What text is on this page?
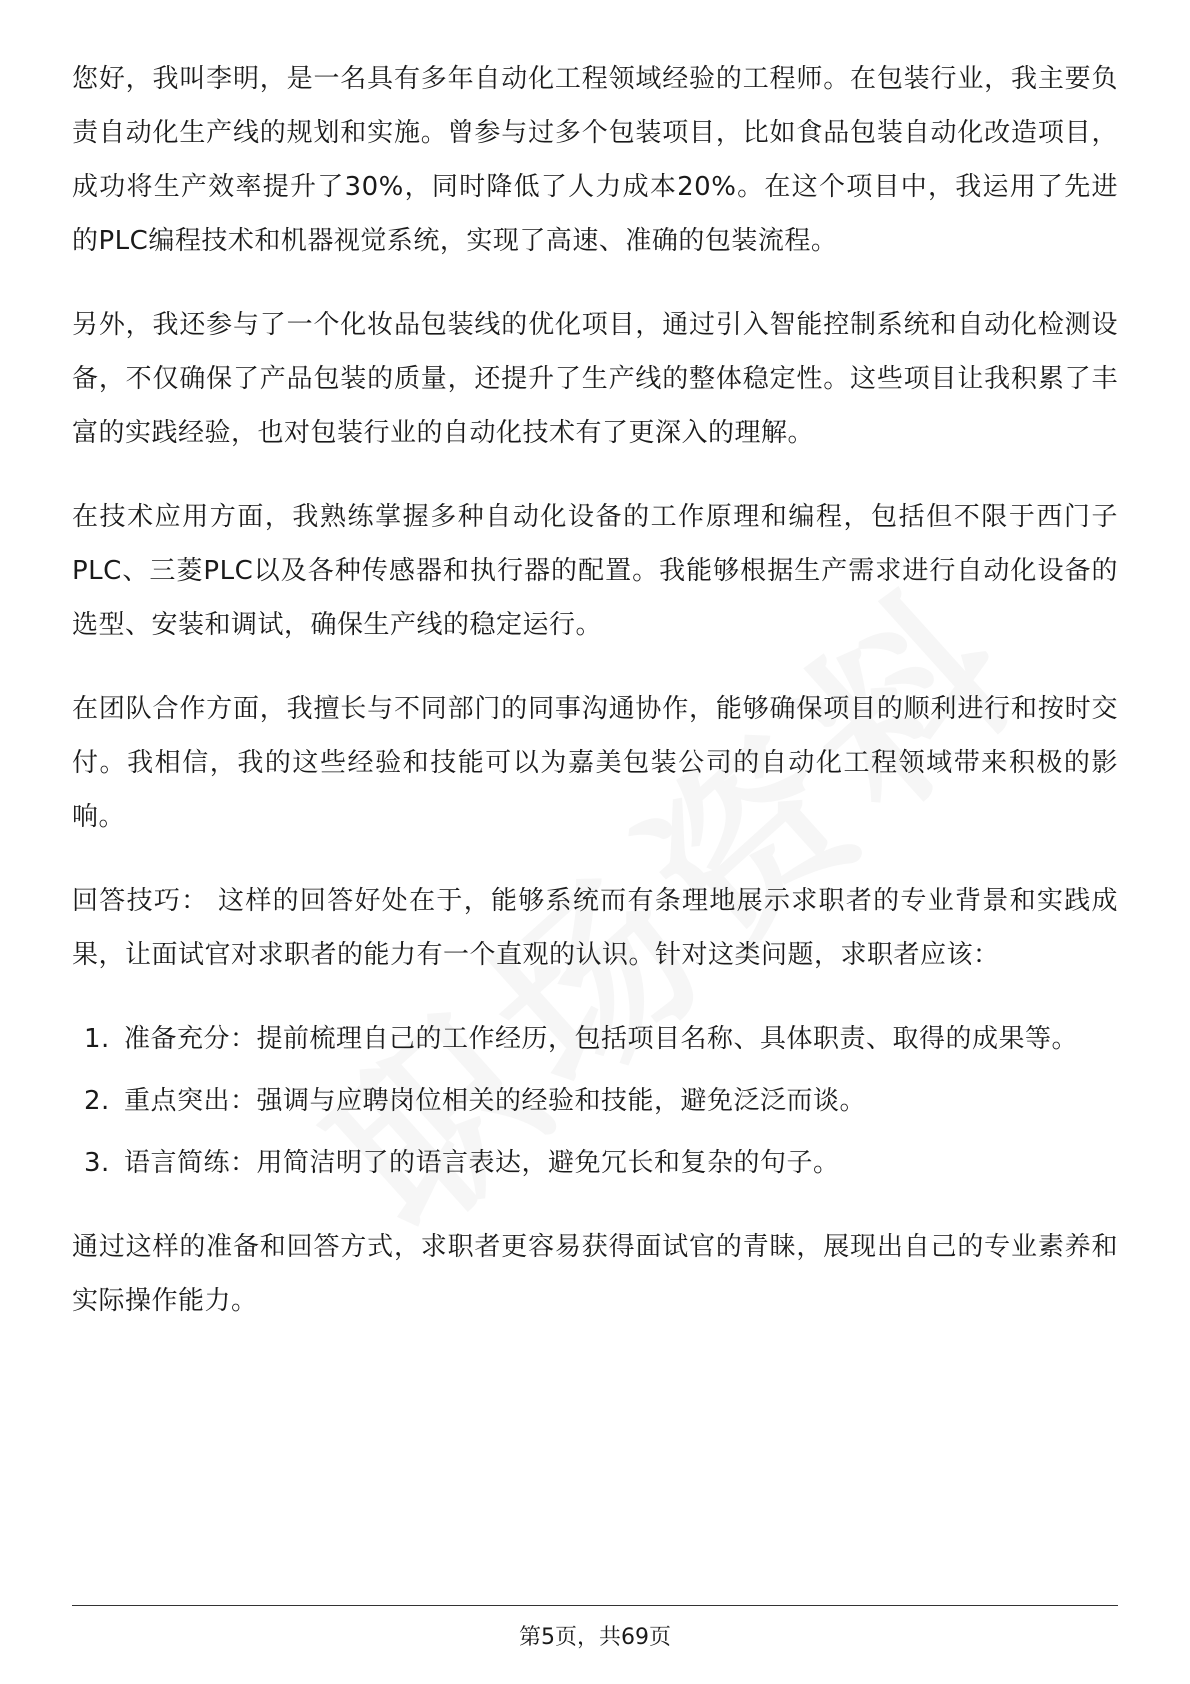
您好，我叫李明，是一名具有多年自动化工程领域经验的工程师。在包装行业，我主要负责自动化生产线的规划和实施。曾参与过多个包装项目，比如食品包装自动化改造项目，成功将生产效率提升了30%，同时降低了人力成本20%。在这个项目中，我运用了先进的PLC编程技术和机器视觉系统，实现了高速、准确的包装流程。

另外，我还参与了一个化妆品包装线的优化项目，通过引入智能控制系统和自动化检测设备，不仅确保了产品包装的质量，还提升了生产线的整体稳定性。这些项目让我积累了丰富的实践经验，也对包装行业的自动化技术有了更深入的理解。

在技术应用方面，我熟练掌握多种自动化设备的工作原理和编程，包括但不限于西门子PLC、三菱PLC以及各种传感器和执行器的配置。我能够根据生产需求进行自动化设备的选型、安装和调试，确保生产线的稳定运行。

在团队合作方面，我擅长与不同部门的同事沟通协作，能够确保项目的顺利进行和按时交付。我相信，我的这些经验和技能可以为嘉美包装公司的自动化工程领域带来积极的影响。

回答技巧： 这样的回答好处在于，能够系统而有条理地展示求职者的专业背景和实践成果，让面试官对求职者的能力有一个直观的认识。针对这类问题，求职者应该：

1. 准备充分：提前梳理自己的工作经历，包括项目名称、具体职责、取得的成果等。
2. 重点突出：强调与应聘岗位相关的经验和技能，避免泛泛而谈。
3. 语言简练：用简洁明了的语言表达，避免冗长和复杂的句子。

通过这样的准备和回答方式，求职者更容易获得面试官的青睐，展现出自己的专业素养和实际操作能力。

第5页，共69页
